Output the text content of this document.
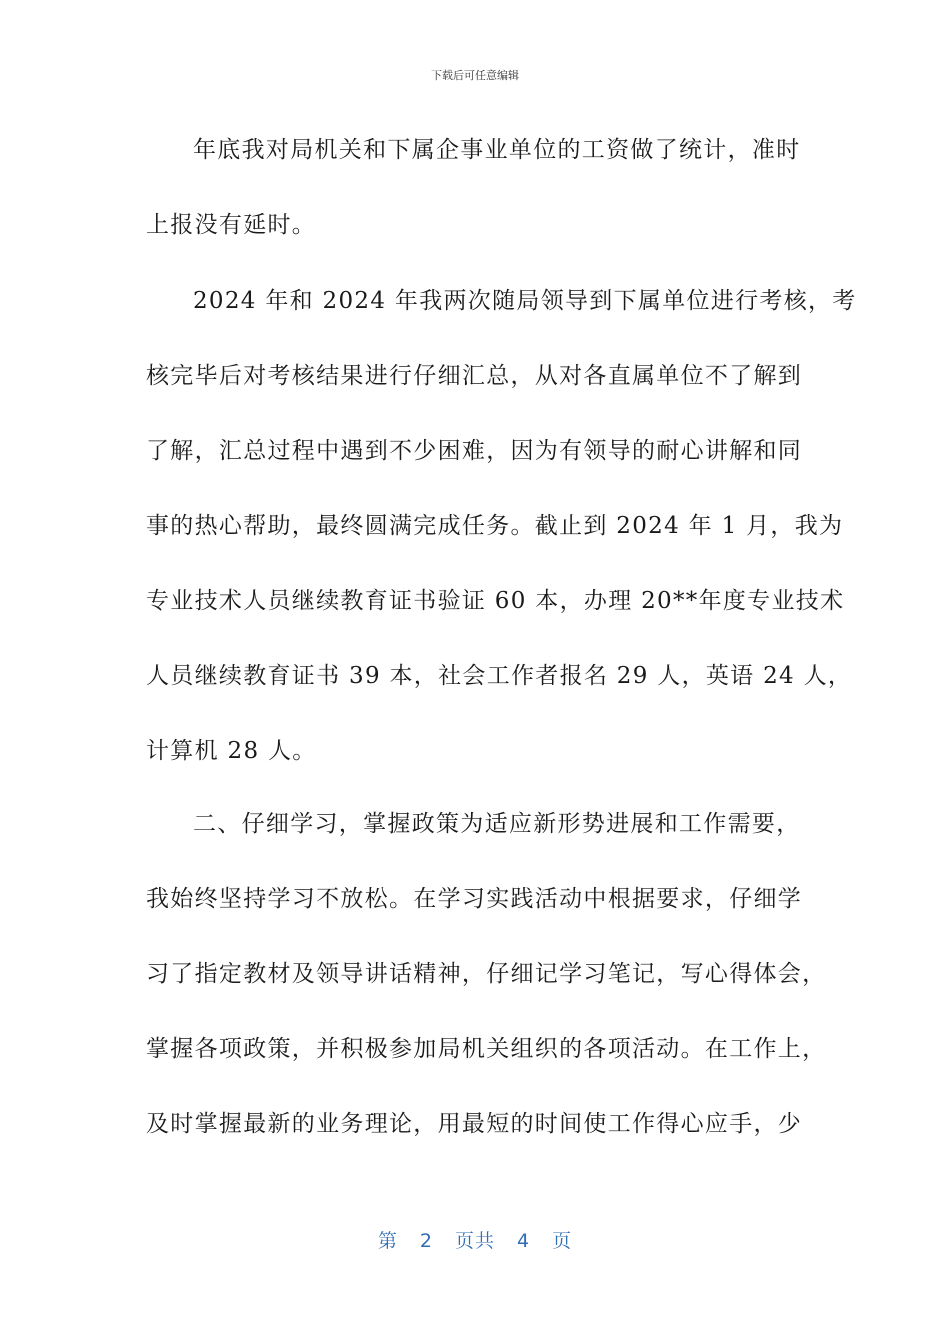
下载后可任意编辑
年底我对局机关和下属企事业单位的工资做了统计，准时
上报没有延时。
2024 年和 2024 年我两次随局领导到下属单位进行考核，考
核完毕后对考核结果进行仔细汇总，从对各直属单位不了解到
了解，汇总过程中遇到不少困难，因为有领导的耐心讲解和同
事的热心帮助，最终圆满完成任务。截止到 2024 年 1 月，我为
专业技术人员继续教育证书验证 60 本，办理 20**年度专业技术
人员继续教育证书 39 本，社会工作者报名 29 人，英语 24 人，
计算机 28 人。
二、仔细学习，掌握政策为适应新形势进展和工作需要，
我始终坚持学习不放松。在学习实践活动中根据要求，仔细学
习了指定教材及领导讲话精神，仔细记学习笔记，写心得体会，
掌握各项政策，并积极参加局机关组织的各项活动。在工作上，
及时掌握最新的业务理论，用最短的时间使工作得心应手，少
第 2 页共 4 页
